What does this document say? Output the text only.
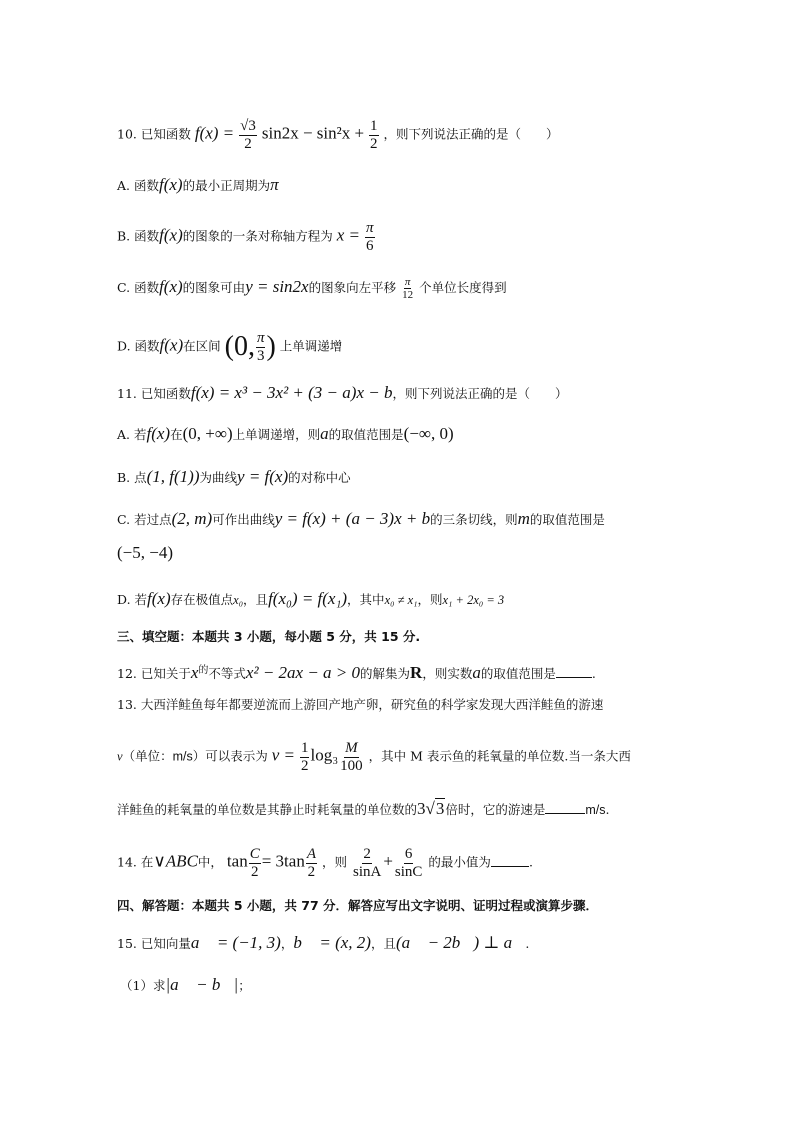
10. 已知函数 $f(x) = \frac{√3}{2} \sin 2x - \sin^2x + \frac{1}{2}$ ，则下列说法正确的是（　　）
A. 函数f(x)的最小正周期为π
B. 函数f(x)的图象的一条对称轴方程为 $x = \frac{\pi}{6}$
C. 函数f(x)的图象可由y = sin2x的图象向左平移 $\frac{\pi}{12}$ 个单位长度得到
D. 函数f(x)在区间 (0, $\frac{\pi}{3}$ ) 上单调递增
11. 已知函数f(x) = x³ − 3x² + (3 − a)x − b，则下列说法正确的是（　　）
A. 若f(x)在(0, +∞)上单调递增，则a的取值范围是(−∞, 0)
B. 点(1, f(1))为曲线y = f(x)的对称中心
C. 若过点(2, m)可作出曲线y = f(x) + (a − 3)x + b的三条切线，则m的取值范围是
(−5, −4)
D. 若f(x)存在极值点x₀，且f(x₀) = f(x₁)，其中x₀ ≠ x₁，则x₁ + 2x₀ = 3
三、填空题：本题共 3 小题，每小题 5 分，共 15 分.
12. 已知关于$x^的$不等式x² − 2ax − a > 0的解集为R，则实数a的取值范围是	.
13. 大西洋鲑鱼每年都要逆流而上游回产地产卵，研究鱼的科学家发现大西洋鲑鱼的游速
v（单位：m/s）可以表示为 $v = \frac{1}{2} \log_3 \frac{M}{100}$ ，其中 M 表示鱼的耗氧量的单位数.当一条大西
洋鲑鱼的耗氧量的单位数是其静止时耗氧量的单位数的3√3倍时，它的游速是	m/s.
14. 在∨ABC中， $\tan \frac{C}{2} = 3\tan \frac{A}{2}$ ，则 $\frac{2}{\sin A} + \frac{6}{\sin C}$ 的最小值为	.
四、解答题：本题共 5 小题，共 77 分．解答应写出文字说明、证明过程或演算步骤．
15. 已知向量a⃗ = (−1, 3)，b⃗ = (x, 2)，且(a⃗ − 2b⃗) ⊥ a⃗.
（1）求|a⃗ − b⃗|；
